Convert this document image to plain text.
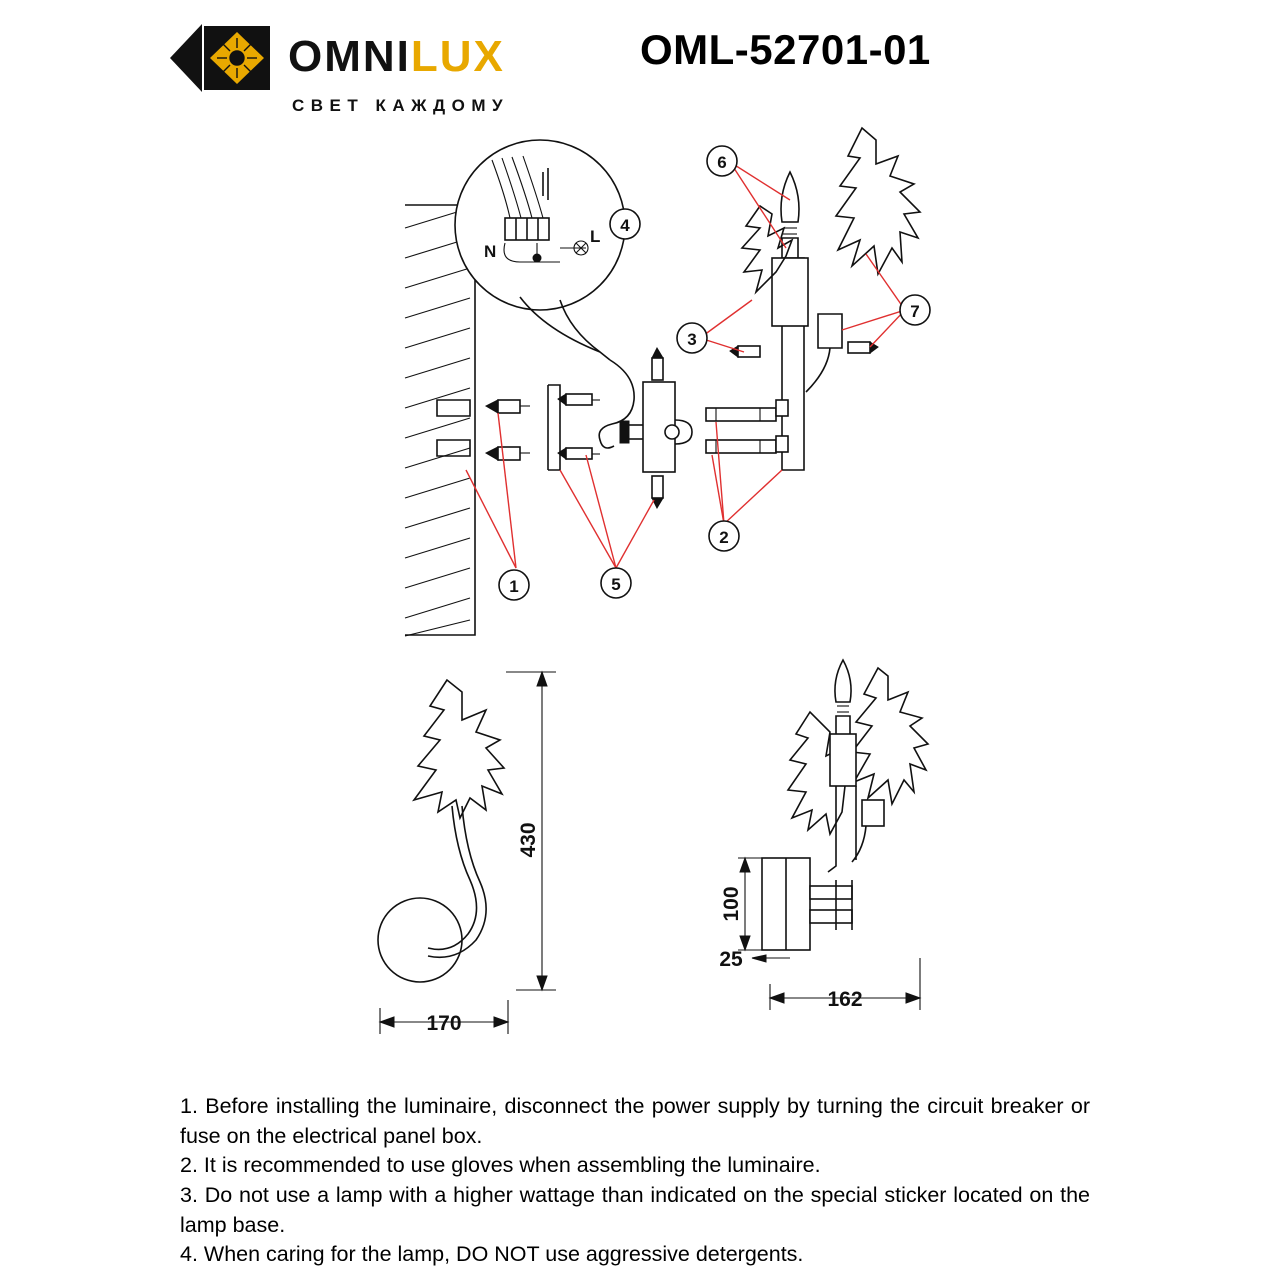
OMNILUX
СВЕТ КАЖДОМУ
OML-52701-01
N
L
1
2
3
4
5
6
7
430
170
100
25
162

1. Before installing the luminaire, disconnect the power supply by turning the circuit breaker or fuse on the electrical panel box.

2. It is recommended to use gloves when assembling the luminaire.

3. Do not use a lamp with a higher wattage than indicated on the special sticker located on the lamp base.

4. When caring for the lamp, DO NOT use aggressive detergents.
